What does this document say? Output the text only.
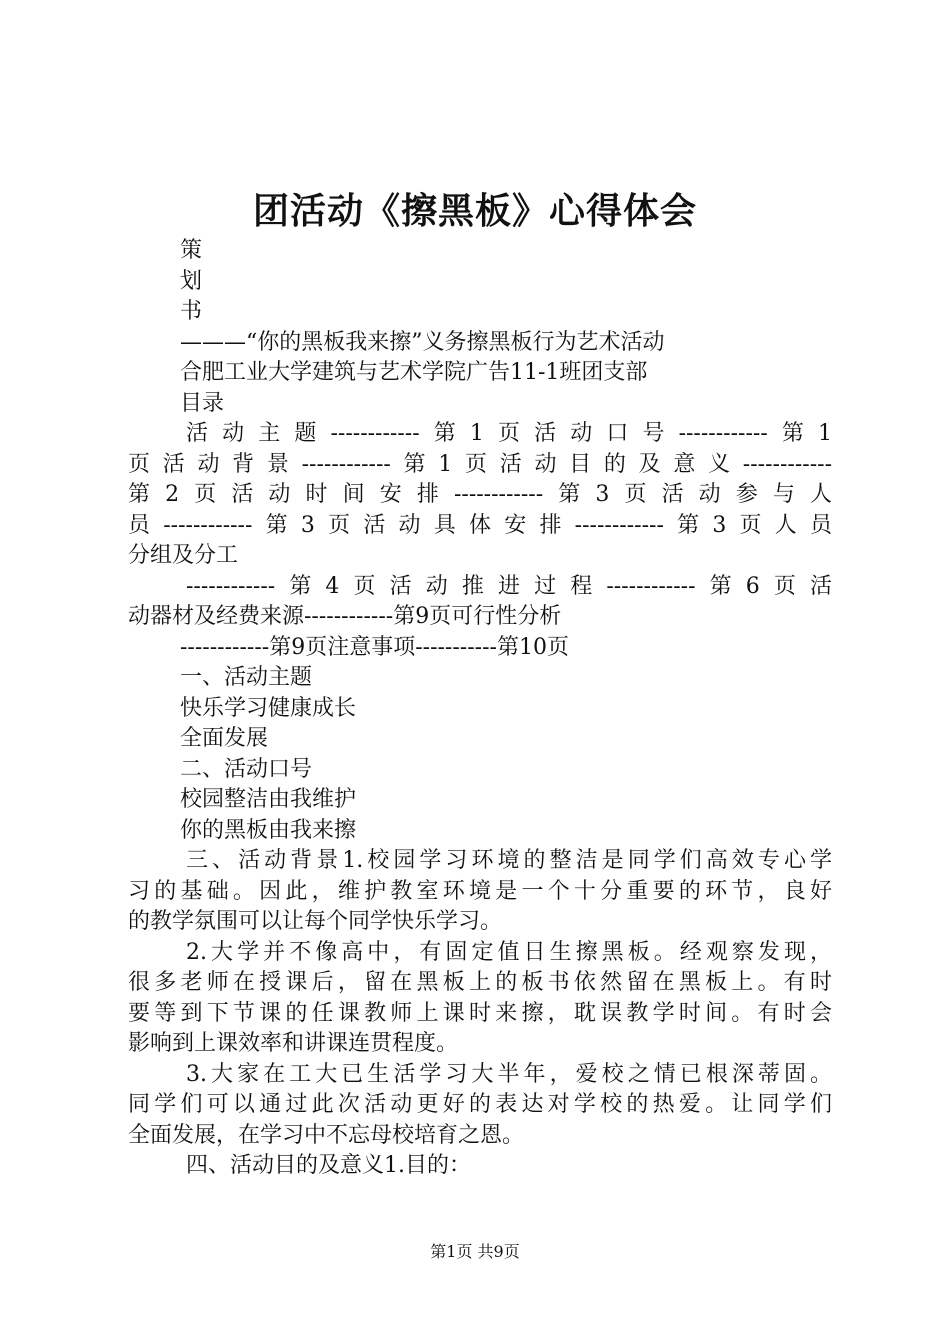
团活动《擦黑板》心得体会
策
划
书
———“你的黑板我来擦”义务擦黑板行为艺术活动
合肥工业大学建筑与艺术学院广告11-1班团支部
目录
活动主题------------第1页活动口号------------第1
页活动背景------------第1页活动目的及意义------------
第2页活动时间安排------------第3页活动参与人
员------------第3页活动具体安排------------第3页人员
分组及分工
------------第4页活动推进过程------------第6页活
动器材及经费来源------------第9页可行性分析
------------第9页注意事项-----------第10页
一、活动主题
快乐学习健康成长
全面发展
二、活动口号
校园整洁由我维护
你的黑板由我来擦
三、活动背景1.校园学习环境的整洁是同学们高效专心学
习的基础。因此，维护教室环境是一个十分重要的环节，良好
的教学氛围可以让每个同学快乐学习。
2.大学并不像高中，有固定值日生擦黑板。经观察发现，
很多老师在授课后，留在黑板上的板书依然留在黑板上。有时
要等到下节课的任课教师上课时来擦，耽误教学时间。有时会
影响到上课效率和讲课连贯程度。
3.大家在工大已生活学习大半年，爱校之情已根深蒂固。
同学们可以通过此次活动更好的表达对学校的热爱。让同学们
全面发展，在学习中不忘母校培育之恩。
四、活动目的及意义1.目的：
第1页 共9页
